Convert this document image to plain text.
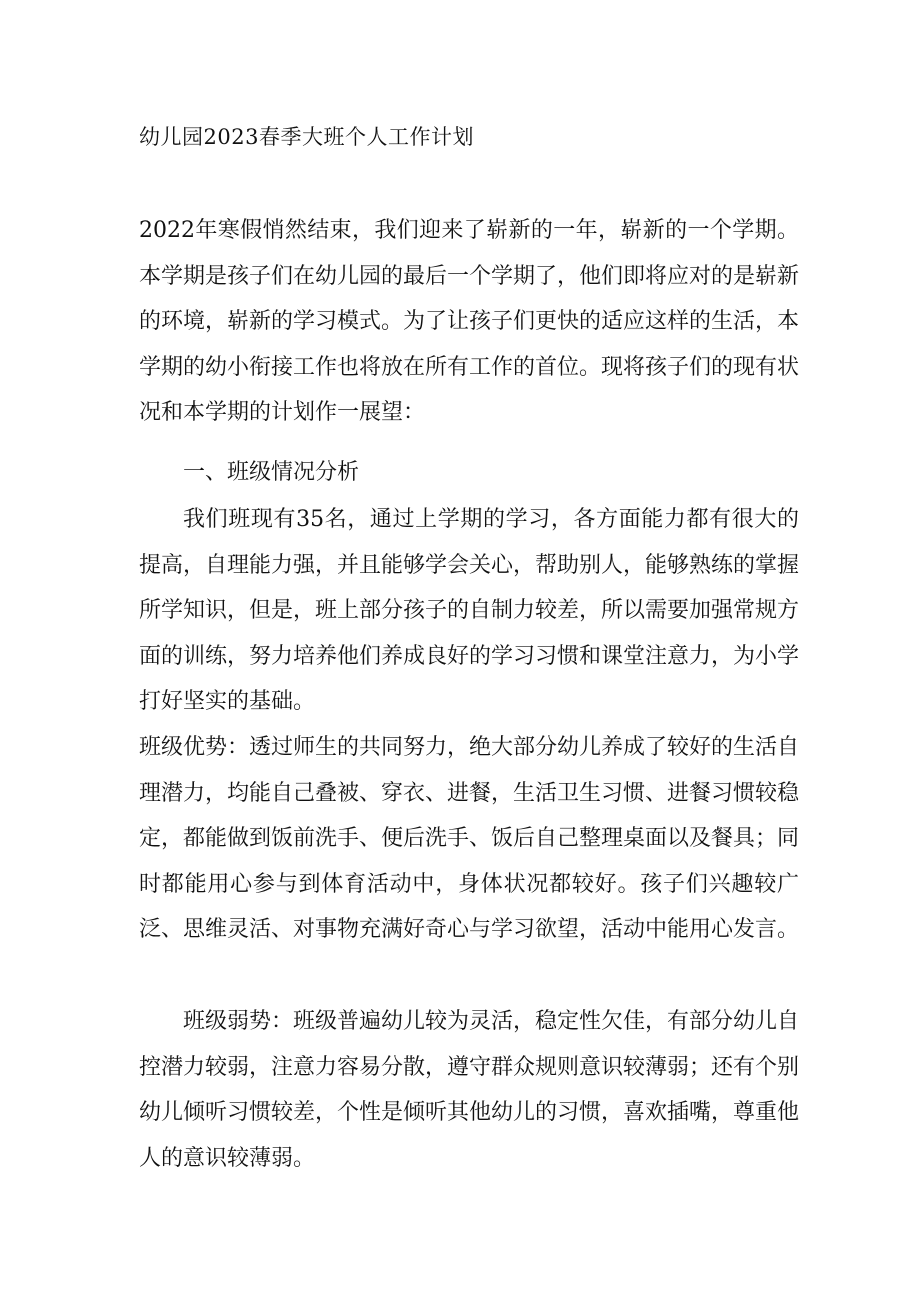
幼儿园2023春季大班个人工作计划

2022年寒假悄然结束，我们迎来了崭新的一年，崭新的一个学期。本学期是孩子们在幼儿园的最后一个学期了，他们即将应对的是崭新的环境，崭新的学习模式。为了让孩子们更快的适应这样的生活，本学期的幼小衔接工作也将放在所有工作的首位。现将孩子们的现有状况和本学期的计划作一展望：

一、班级情况分析

我们班现有35名，通过上学期的学习，各方面能力都有很大的提高，自理能力强，并且能够学会关心，帮助别人，能够熟练的掌握所学知识，但是，班上部分孩子的自制力较差，所以需要加强常规方面的训练，努力培养他们养成良好的学习习惯和课堂注意力，为小学打好坚实的基础。

班级优势：透过师生的共同努力，绝大部分幼儿养成了较好的生活自理潜力，均能自己叠被、穿衣、进餐，生活卫生习惯、进餐习惯较稳定，都能做到饭前洗手、便后洗手、饭后自己整理桌面以及餐具；同时都能用心参与到体育活动中，身体状况都较好。孩子们兴趣较广泛、思维灵活、对事物充满好奇心与学习欲望，活动中能用心发言。

班级弱势：班级普遍幼儿较为灵活，稳定性欠佳，有部分幼儿自控潜力较弱，注意力容易分散，遵守群众规则意识较薄弱；还有个别幼儿倾听习惯较差，个性是倾听其他幼儿的习惯，喜欢插嘴，尊重他人的意识较薄弱。
